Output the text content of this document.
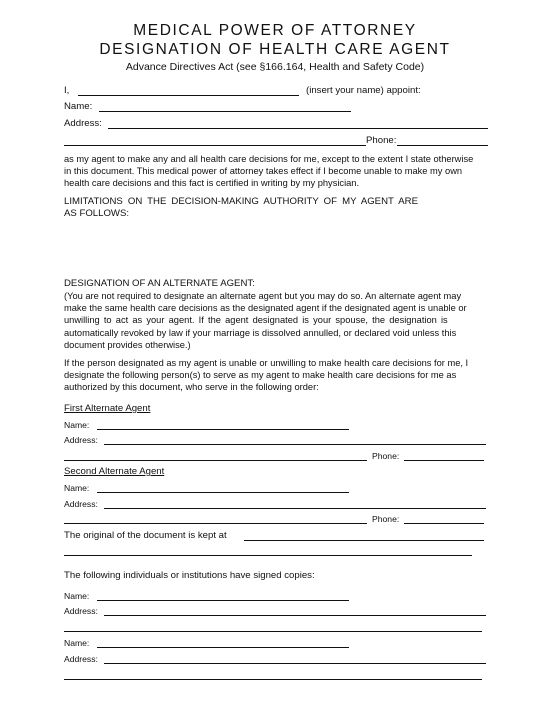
MEDICAL POWER OF ATTORNEY
DESIGNATION OF HEALTH CARE AGENT
Advance Directives Act (see §166.164, Health and Safety Code)
I,	(insert your name) appoint:
Name:
Address:
Phone:
as my agent to make any and all health care decisions for me, except to the extent I state otherwise
in this document. This medical power of attorney takes effect if I become unable to make my own
health care decisions and this fact is certified in writing by my physician.
LIMITATIONS ON THE DECISION-MAKING AUTHORITY OF MY AGENT ARE
AS FOLLOWS:
DESIGNATION OF AN ALTERNATE AGENT:
(You are not required to designate an alternate agent but you may do so. An alternate agent may
make the same health care decisions as the designated agent if the designated agent is unable or
unwilling to act as your agent. If the agent designated is your spouse, the designation is
automatically revoked by law if your marriage is dissolved annulled, or declared void unless this
document provides otherwise.)
If the person designated as my agent is unable or unwilling to make health care decisions for me, I
designate the following person(s) to serve as my agent to make health care decisions for me as
authorized by this document, who serve in the following order:
First Alternate Agent
Name:
Address:
Phone:
Second Alternate Agent
Name:
Address:
Phone:
The original of the document is kept at
The following individuals or institutions have signed copies:
Name:
Address:
Name:
Address:
